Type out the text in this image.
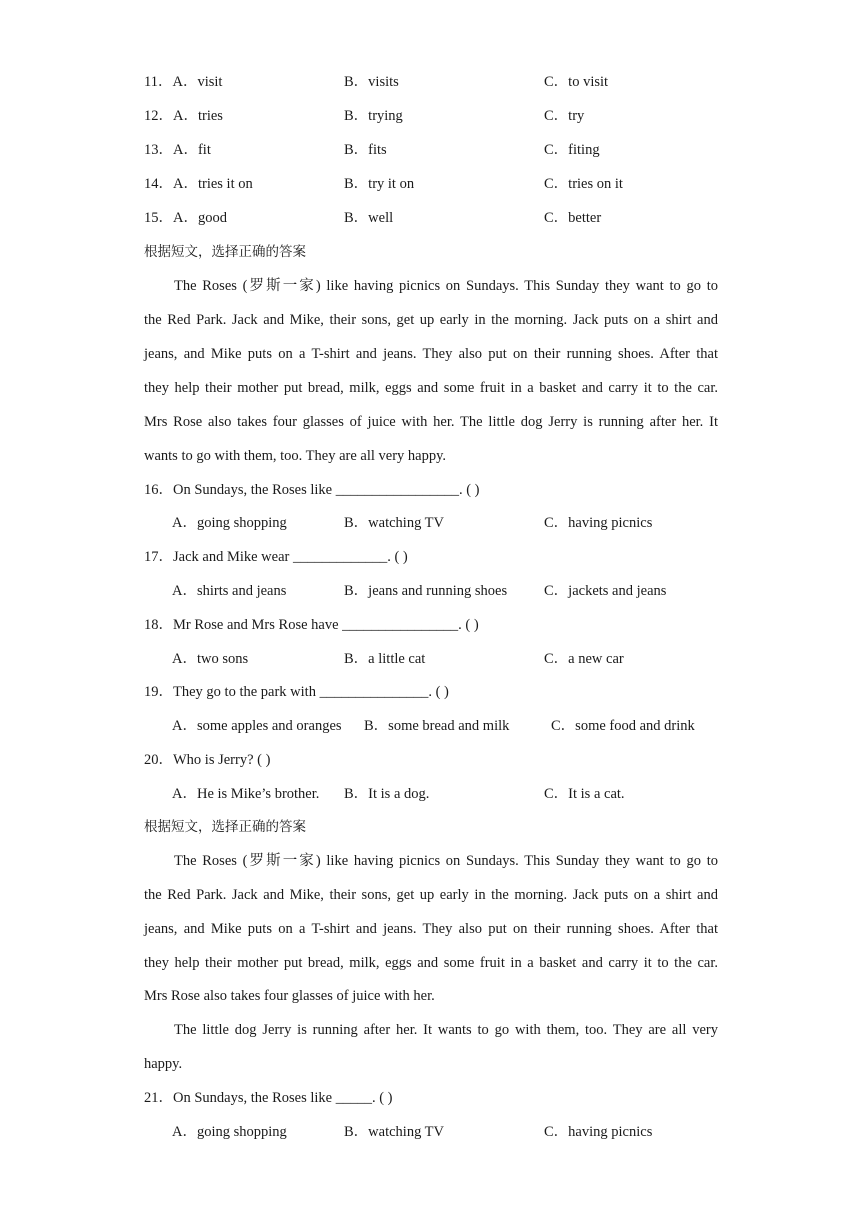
11．A．visit	B．visits	C．to visit
12．A．tries	B．trying	C．try
13．A．fit	B．fits	C．fiting
14．A．tries it on	B．try it on	C．tries on it
15．A．good	B．well	C．better
根据短文，选择正确的答案
The Roses (罗斯一家) like having picnics on Sundays. This Sunday they want to go to
the Red Park. Jack and Mike, their sons, get up early in the morning. Jack puts on a shirt and
jeans, and Mike puts on a T-shirt and jeans. They also put on their running shoes. After that
they help their mother put bread, milk, eggs and some fruit in a basket and carry it to the car.
Mrs Rose also takes four glasses of juice with her. The little dog Jerry is running after her. It
wants to go with them, too. They are all very happy.
16．On Sundays, the Roses like _________________. ( )
A．going shopping	B．watching TV	C．having picnics
17．Jack and Mike wear _____________. ( )
A．shirts and jeans	B．jeans and running shoes	C．jackets and jeans
18．Mr Rose and Mrs Rose have ________________. ( )
A．two sons	B．a little cat	C．a new car
19．They go to the park with _______________. ( )
A．some apples and oranges B．some bread and milk	C．some food and drink
20．Who is Jerry? ( )
A．He is Mike’s brother. B．It is a dog.	C．It is a cat.
根据短文，选择正确的答案
The Roses (罗斯一家) like having picnics on Sundays. This Sunday they want to go to
the Red Park. Jack and Mike, their sons, get up early in the morning. Jack puts on a shirt and
jeans, and Mike puts on a T-shirt and jeans. They also put on their running shoes. After that
they help their mother put bread, milk, eggs and some fruit in a basket and carry it to the car.
Mrs Rose also takes four glasses of juice with her.
The little dog Jerry is running after her. It wants to go with them, too. They are all very
happy.
21．On Sundays, the Roses like _____. ( )
A．going shopping	B．watching TV	C．having picnics
